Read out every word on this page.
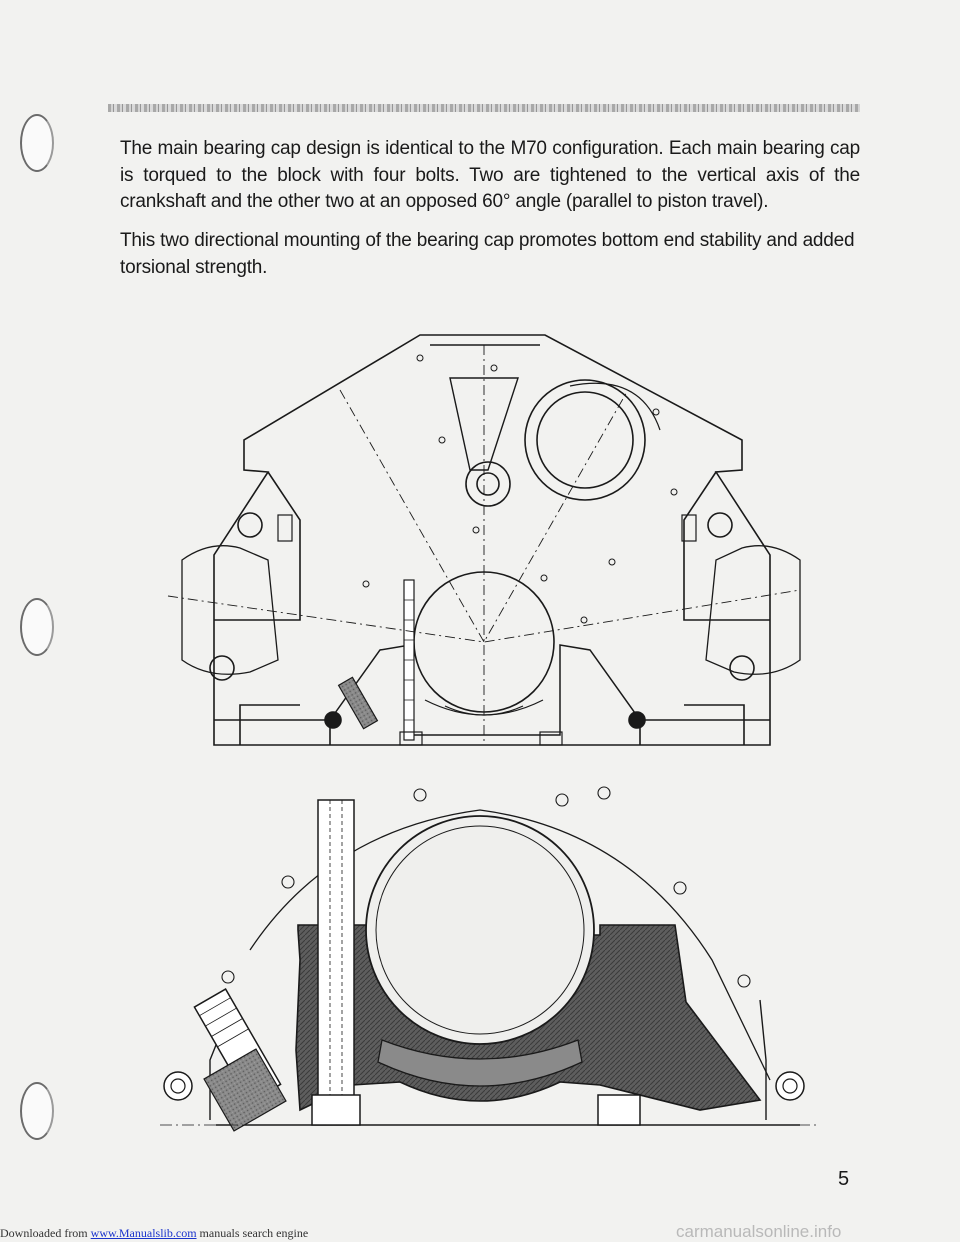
The main bearing cap design is identical to the M70 configuration. Each main bearing cap is torqued to the block with four bolts. Two are tightened to the vertical axis of the crankshaft and the other two at an opposed 60° angle (parallel to piston travel).

This two directional mounting of the bearing cap promotes bottom end stability and added torsional strength.

5
Downloaded from www.Manualslib.com manuals search engine	carmanualsonline.info
